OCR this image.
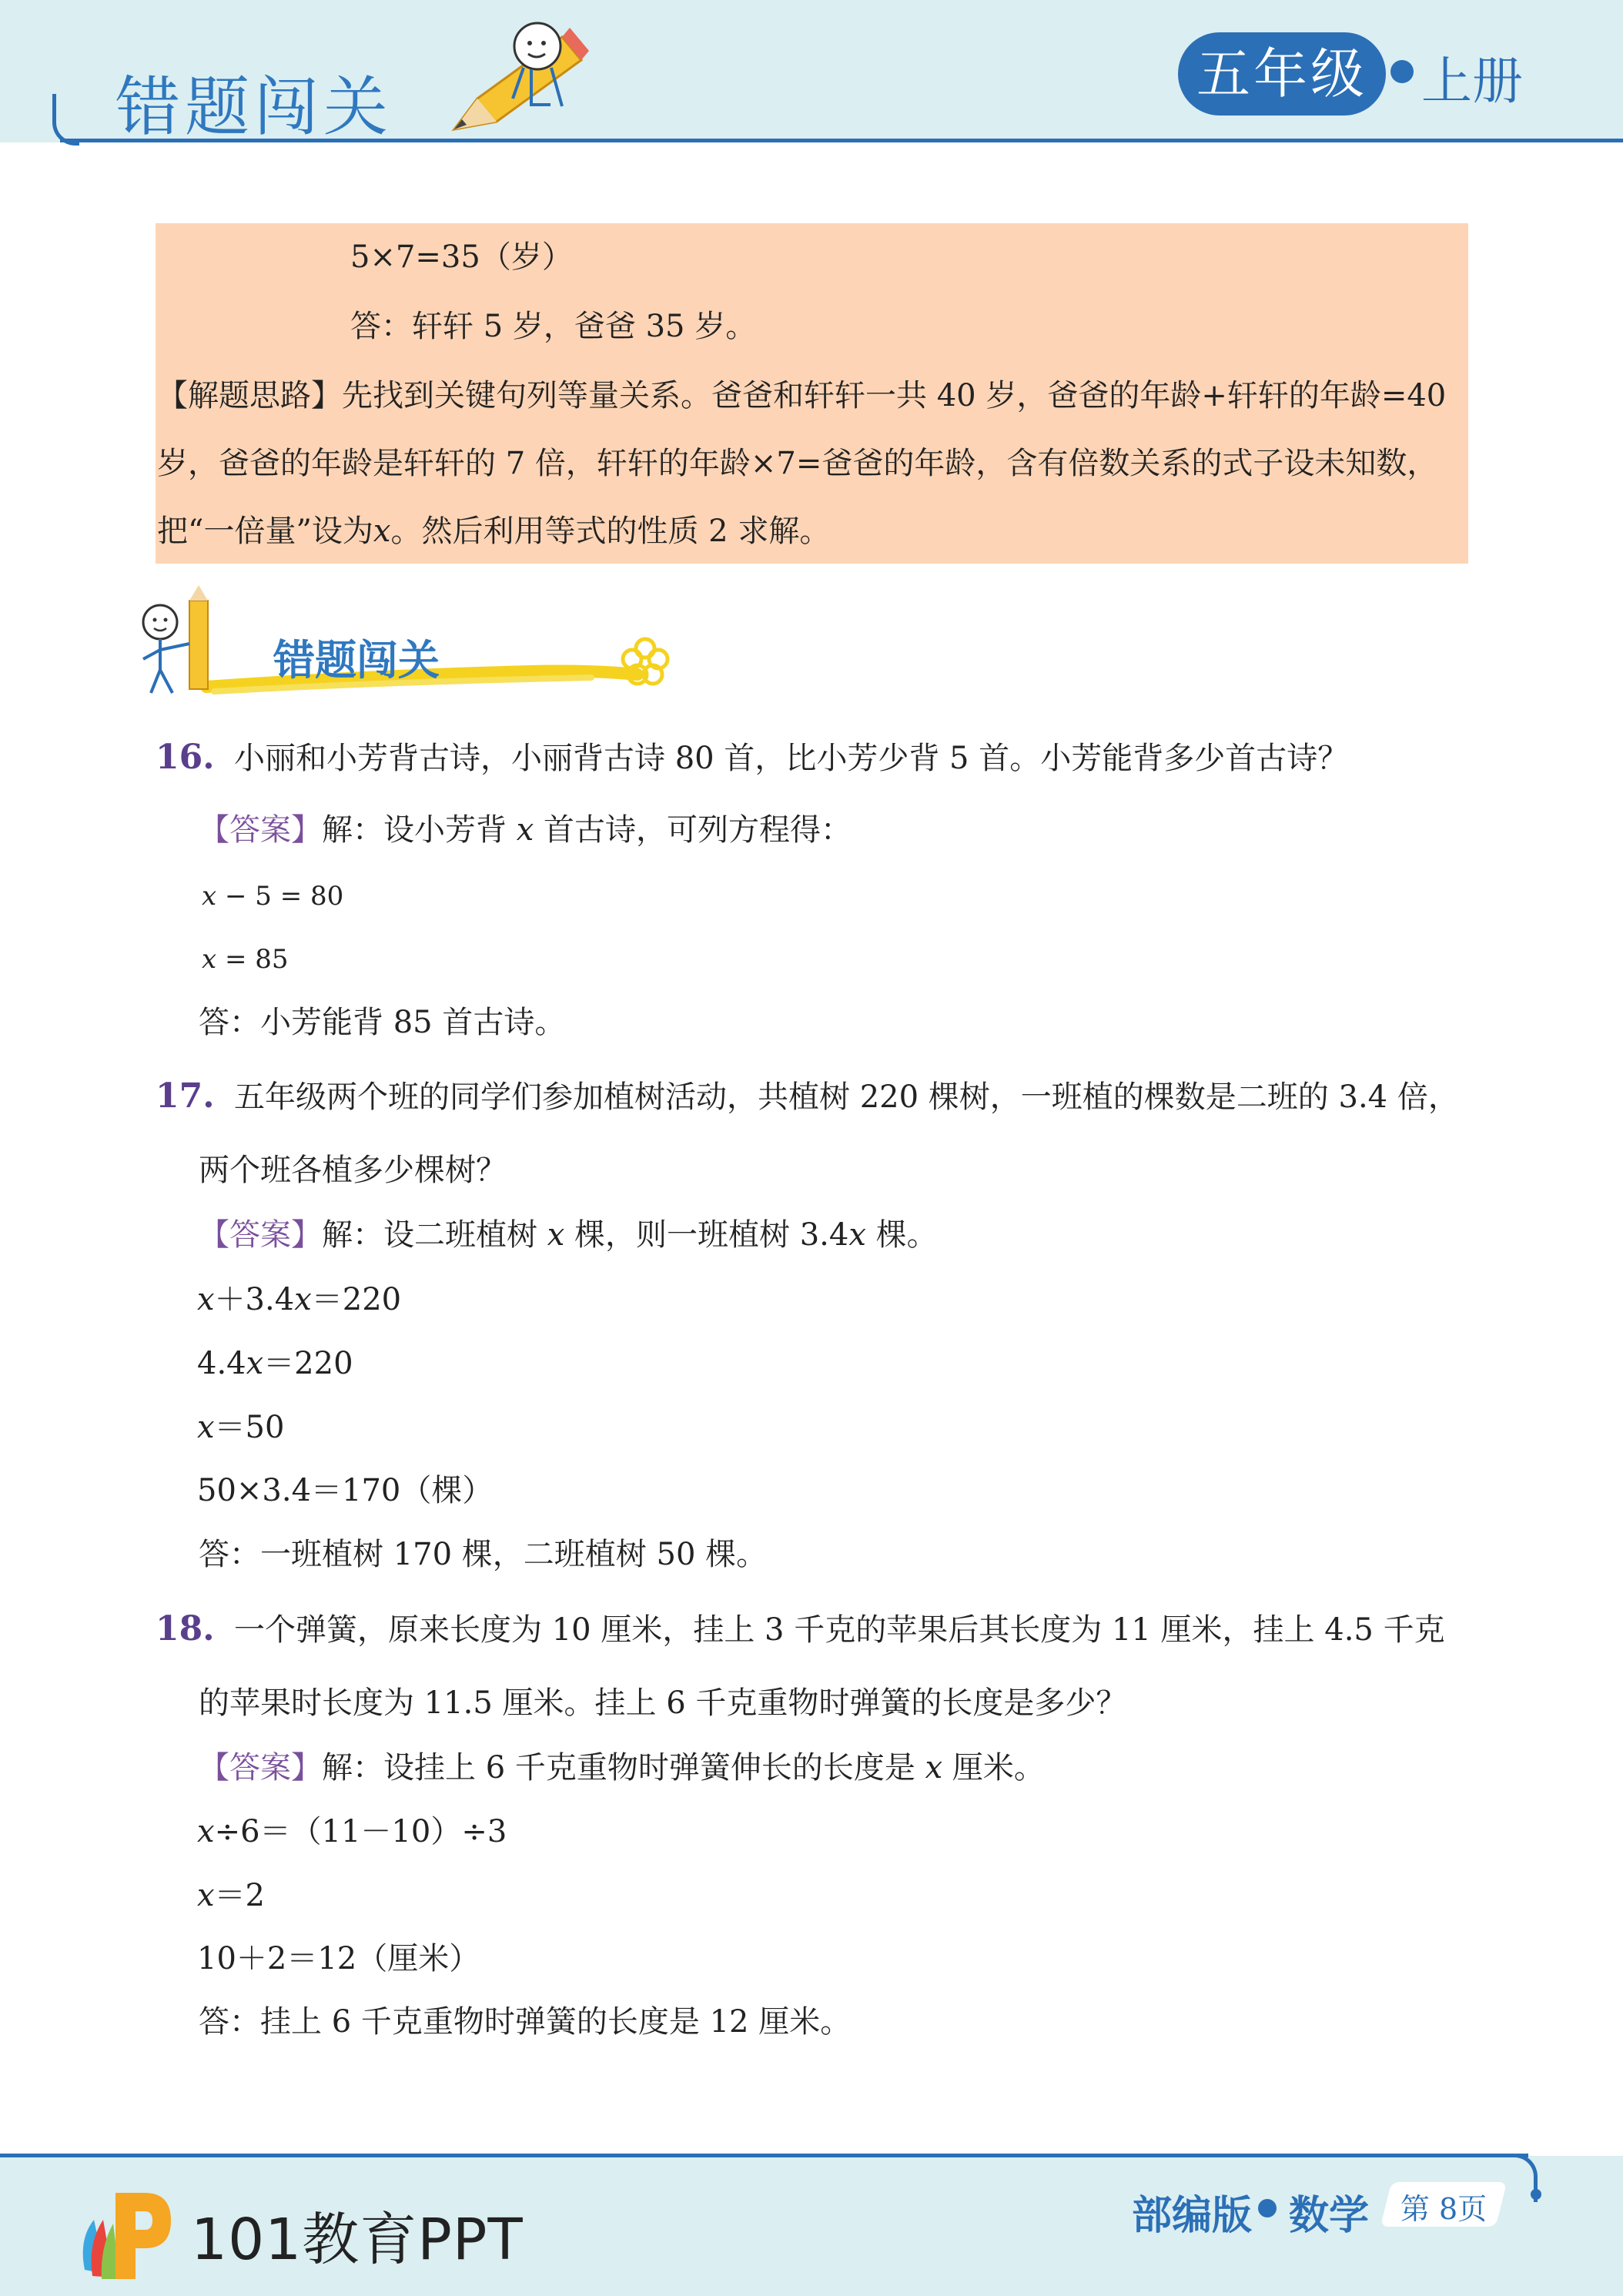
错题闯关	五年级	上册
5×7=35（岁）
答：轩轩 5 岁，爸爸 35 岁。
【解题思路】先找到关键句列等量关系。爸爸和轩轩一共 40 岁，爸爸的年龄+轩轩的年龄=40
岁，爸爸的年龄是轩轩的 7 倍，轩轩的年龄×7=爸爸的年龄，含有倍数关系的式子设未知数，
把“一倍量”设为x。然后利用等式的性质 2 求解。
错题闯关
16. 小丽和小芳背古诗，小丽背古诗 80 首，比小芳少背 5 首。小芳能背多少首古诗？
【答案】解：设小芳背 x 首古诗，可列方程得：
x − 5 = 80
x = 85
答：小芳能背 85 首古诗。
17. 五年级两个班的同学们参加植树活动，共植树 220 棵树，一班植的棵数是二班的 3.4 倍，
两个班各植多少棵树？
【答案】解：设二班植树 x 棵，则一班植树 3.4x 棵。
x＋3.4x＝220
4.4x＝220
x＝50
50×3.4＝170（棵）
答：一班植树 170 棵，二班植树 50 棵。
18. 一个弹簧，原来长度为 10 厘米，挂上 3 千克的苹果后其长度为 11 厘米，挂上 4.5 千克
的苹果时长度为 11.5 厘米。挂上 6 千克重物时弹簧的长度是多少？
【答案】解：设挂上 6 千克重物时弹簧伸长的长度是 x 厘米。
x÷6＝（11－10）÷3
x＝2
10＋2＝12（厘米）
答：挂上 6 千克重物时弹簧的长度是 12 厘米。
101教育PPT	部编版 数学	第 8页
